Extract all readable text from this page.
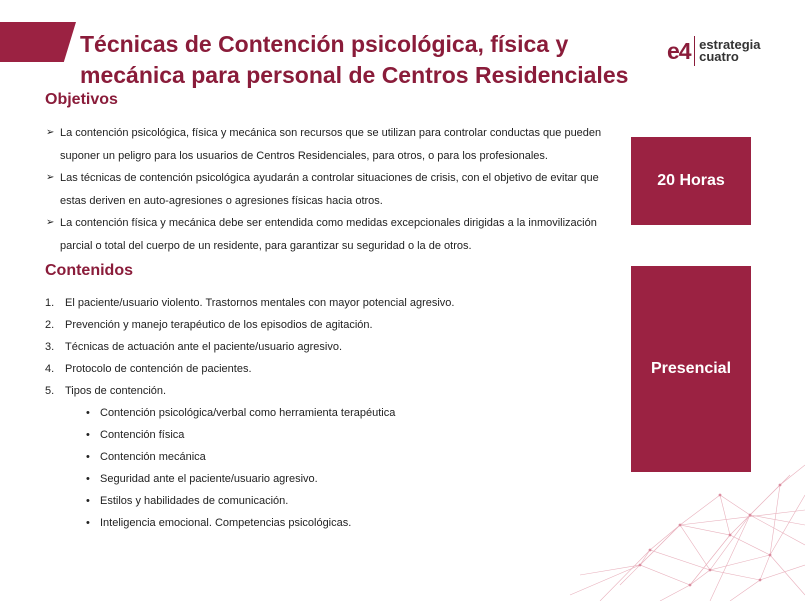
Técnicas de Contención psicológica, física y mecánica para personal de Centros Residenciales
e4 estrategia
cuatro
Objetivos
➢ La contención psicológica, física y mecánica son recursos que se utilizan para controlar conductas que pueden suponer un peligro para los usuarios de Centros Residenciales, para otros, o para los profesionales.
➢ Las técnicas de contención psicológica ayudarán a controlar situaciones de crisis, con el objetivo de evitar que estas deriven en auto-agresiones o agresiones físicas hacia otros.
➢ La contención física y mecánica debe ser entendida como medidas excepcionales dirigidas a la inmovilización parcial o total del cuerpo de un residente, para garantizar su seguridad o la de otros.
Contenidos
1. El paciente/usuario violento. Trastornos mentales con mayor potencial agresivo.
2. Prevención y manejo terapéutico de los episodios de agitación.
3. Técnicas de actuación ante el paciente/usuario agresivo.
4. Protocolo de contención de pacientes.
5. Tipos de contención.
• Contención psicológica/verbal como herramienta terapéutica
• Contención física
• Contención mecánica
• Seguridad ante el paciente/usuario agresivo.
• Estilos y habilidades de comunicación.
• Inteligencia emocional. Competencias psicológicas.
20 Horas
Presencial
